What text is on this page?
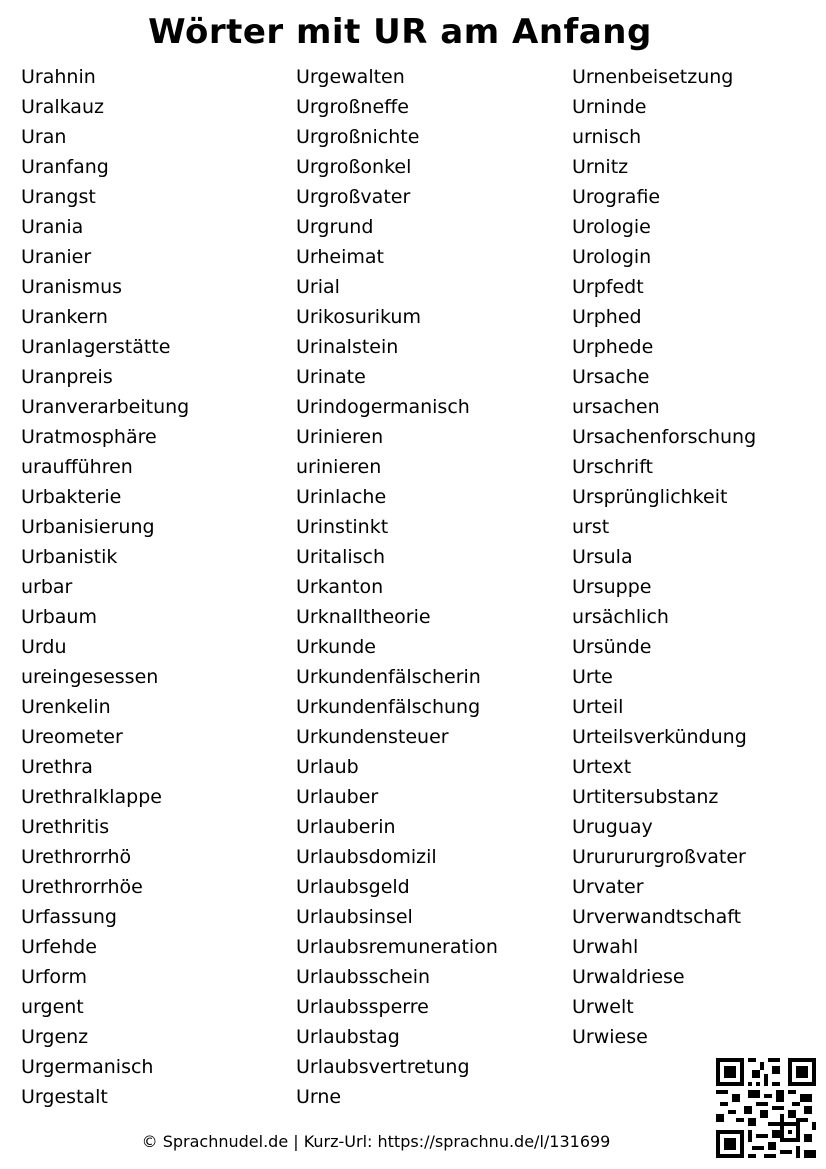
Wörter mit UR am Anfang
Urahnin
Uralkauz
Uran
Uranfang
Urangst
Urania
Uranier
Uranismus
Urankern
Uranlagerstätte
Uranpreis
Uranverarbeitung
Uratmosphäre
uraufführen
Urbakterie
Urbanisierung
Urbanistik
urbar
Urbaum
Urdu
ureingesessen
Urenkelin
Ureometer
Urethra
Urethralklappe
Urethritis
Urethrorrhö
Urethrorrhöe
Urfassung
Urfehde
Urform
urgent
Urgenz
Urgermanisch
Urgestalt
Urgewalten
Urgroßneffe
Urgroßnichte
Urgroßonkel
Urgroßvater
Urgrund
Urheimat
Urial
Urikosurikum
Urinalstein
Urinate
Urindogermanisch
Urinieren
urinieren
Urinlache
Urinstinkt
Uritalisch
Urkanton
Urknalltheorie
Urkunde
Urkundenfälscherin
Urkundenfälschung
Urkundensteuer
Urlaub
Urlauber
Urlauberin
Urlaubsdomizil
Urlaubsgeld
Urlaubsinsel
Urlaubsremuneration
Urlaubsschein
Urlaubssperre
Urlaubstag
Urlaubsvertretung
Urne
Urnenbeisetzung
Urninde
urnisch
Urnitz
Urografie
Urologie
Urologin
Urpfedt
Urphed
Urphede
Ursache
ursachen
Ursachenforschung
Urschrift
Ursprünglichkeit
urst
Ursula
Ursuppe
ursächlich
Ursünde
Urte
Urteil
Urteilsverkündung
Urtext
Urtitersubstanz
Uruguay
Ururururgroßvater
Urvater
Urverwandtschaft
Urwahl
Urwaldriese
Urwelt
Urwiese
© Sprachnudel.de | Kurz-Url: https://sprachnu.de/l/131699
